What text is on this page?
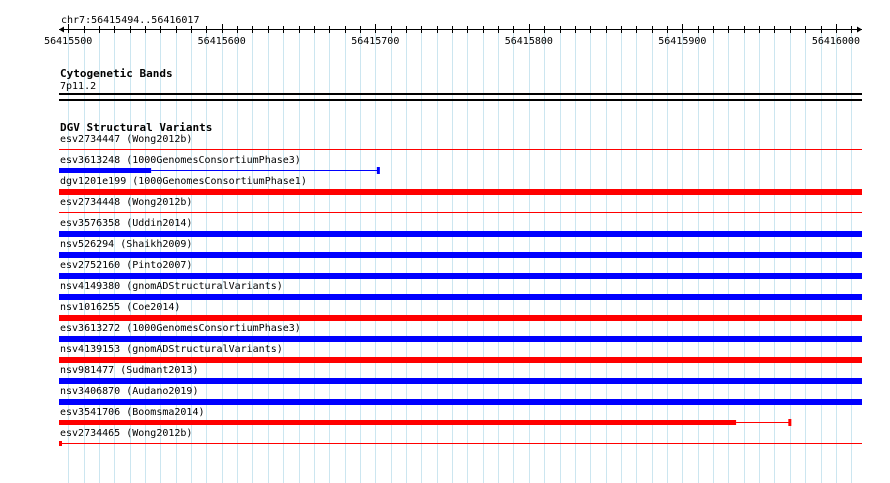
chr7:56415494..56416017
56415500	56415600	56415700	56415800	56415900	56416000
Cytogenetic Bands
7p11.2
DGV Structural Variants
esv2734447 (Wong2012b)
esv3613248 (1000GenomesConsortiumPhase3)
dgv1201e199 (1000GenomesConsortiumPhase1)
esv2734448 (Wong2012b)
esv3576358 (Uddin2014)
nsv526294 (Shaikh2009)
esv2752160 (Pinto2007)
nsv4149380 (gnomADStructuralVariants)
nsv1016255 (Coe2014)
esv3613272 (1000GenomesConsortiumPhase3)
nsv4139153 (gnomADStructuralVariants)
nsv981477 (Sudmant2013)
nsv3406870 (Audano2019)
esv3541706 (Boomsma2014)
esv2734465 (Wong2012b)
